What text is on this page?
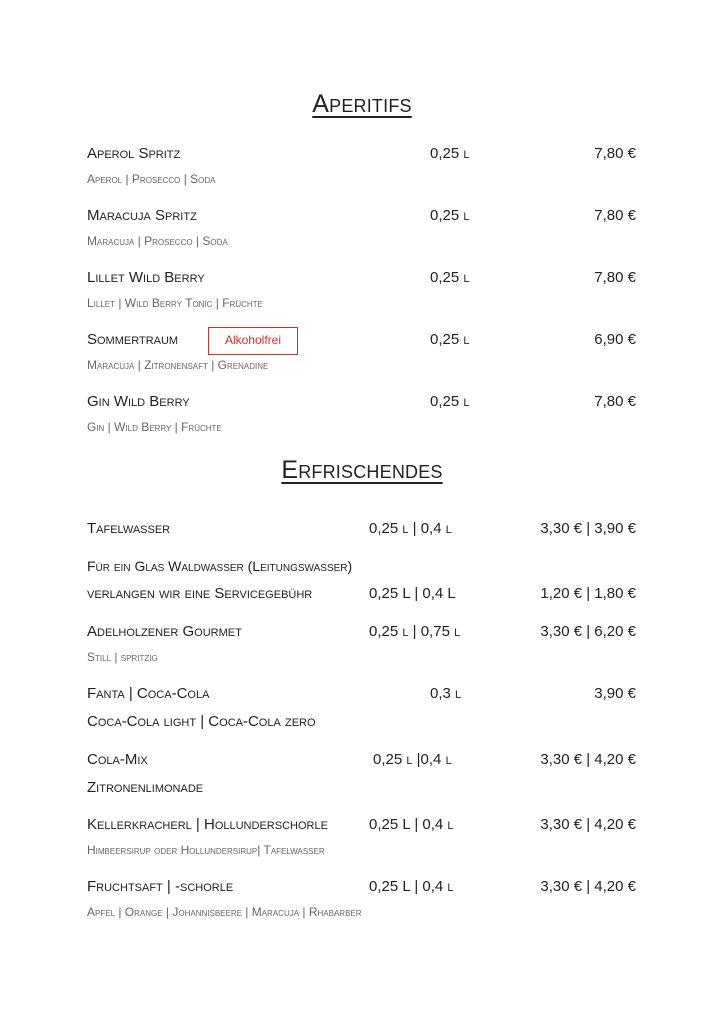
Aperitifs
Aperol Spritz	0,25 l	7,80 €
Aperol | Prosecco | Soda
Maracuja Spritz	0,25 l	7,80 €
Maracuja | Prosecco | Soda
Lillet Wild Berry	0,25 l	7,80 €
Lillet | Wild Berry Tonic | Früchte
Sommertraum	0,25 l	6,90 €
Alkoholfrei
Maracuja | Zitronensaft | Grenadine
Gin Wild Berry	0,25 l	7,80 €
Gin | Wild Berry | Früchte
Erfrischendes
Tafelwasser	0,25 l | 0,4 l	3,30 € | 3,90 €
Für ein Glas Waldwasser (Leitungswasser)
verlangen wir eine Servicegebühr	0,25 L | 0,4 L	1,20 € | 1,80 €
Adelholzener Gourmet	0,25 l | 0,75 l	3,30 € | 6,20 €
Still | spritzig
Fanta | Coca-Cola	0,3 l	3,90 €
Coca-Cola light | Coca-Cola zero
Cola-Mix	0,25 l |0,4 l	3,30 € | 4,20 €
Zitronenlimonade
Kellerkracherl | Hollunderschorle	0,25 L | 0,4 l	3,30 € | 4,20 €
Himbeersirup oder Hollundersirup| Tafelwasser
Fruchtsaft | -schorle	0,25 L | 0,4 l	3,30 € | 4,20 €
Apfel | Orange | Johannisbeere | Maracuja | Rhabarber
